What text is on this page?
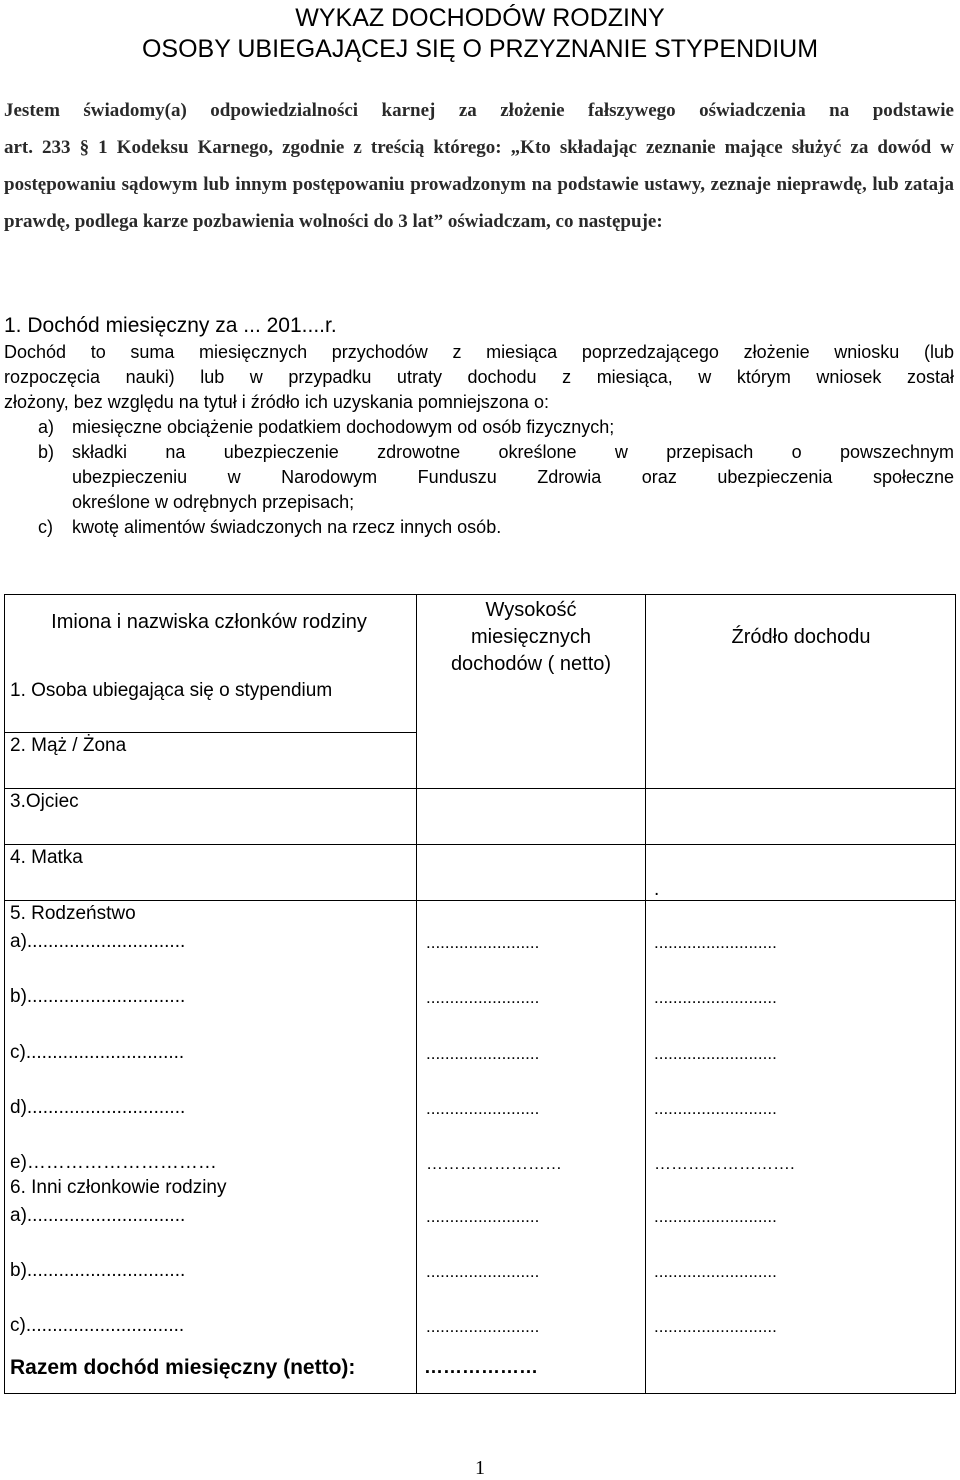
WYKAZ DOCHODÓW RODZINY
OSOBY UBIEGAJĄCEJ SIĘ O PRZYZNANIE STYPENDIUM

Jestem świadomy(a) odpowiedzialności karnej za złożenie fałszywego oświadczenia na podstawie

art. 233 § 1 Kodeksu Karnego, zgodnie z treścią którego: „Kto składając zeznanie mające służyć za dowód w postępowaniu sądowym lub innym postępowaniu prowadzonym na podstawie ustawy, zeznaje nieprawdę, lub zataja prawdę, podlega karze pozbawienia wolności do 3 lat” oświadczam, co następuje:

1. Dochód miesięczny za ... 201....r.
Dochód to suma miesięcznych przychodów z miesiąca poprzedzającego złożenie wniosku (lub
rozpoczęcia nauki) lub w przypadku utraty dochodu z miesiąca, w którym wniosek został
złożony, bez względu na tytuł i źródło ich uzyskania pomniejszona o:
a) miesięczne obciążenie podatkiem dochodowym od osób fizycznych;
b) składki na ubezpieczenie zdrowotne określone w przepisach o powszechnym
ubezpieczeniu w Narodowym Funduszu Zdrowia oraz ubezpieczenia społeczne
określone w odrębnych przepisach;
c) kwotę alimentów świadczonych na rzecz innych osób.
Imiona i nazwiska członków rodziny
Wysokość miesięcznych dochodów ( netto)
Źródło dochodu
1. Osoba ubiegająca się o stypendium
2. Mąż / Żona
3.Ojciec
4. Matka
.
5. Rodzeństwo
a)..............................
b)..............................
c)..............................
d)..............................
e)…………………………
6. Inni członkowie rodziny
a)..............................
b)..............................
c)..............................
........................
........................
........................
........................
……………………
........................
........................
........................
..........................
..........................
..........................
..........................
…………………….
..........................
..........................
..........................
Razem dochód miesięczny (netto):	………………
1
